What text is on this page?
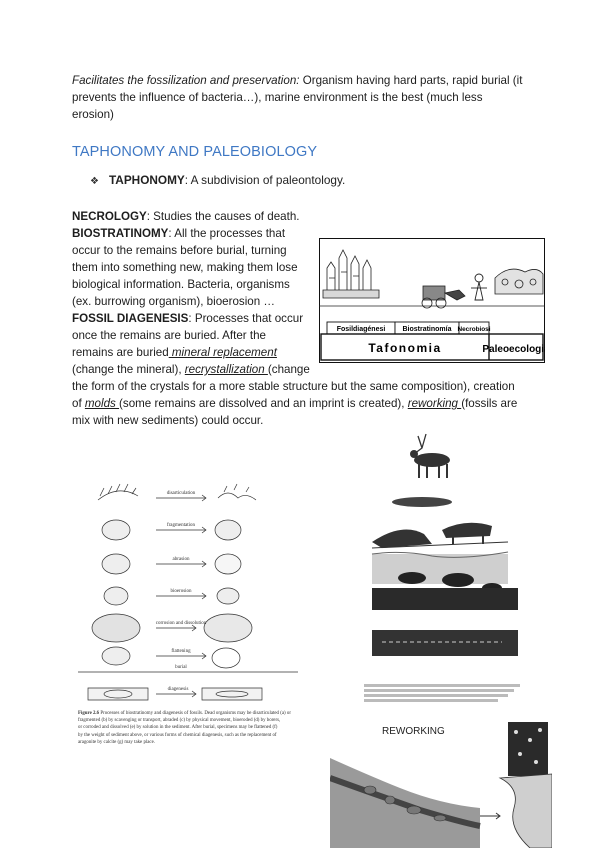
Facilitates the fossilization and preservation: Organism having hard parts, rapid burial (it
prevents the influence of bacteria…), marine environment is the best (much less
erosion)
TAPHONOMY AND PALEOBIOLOGY
❖ TAPHONOMY: A subdivision of paleontology.
NECROLOGY: Studies the causes of death.
BIOSTRATINOMY: All the processes that
occur to the remains before burial, turning
them into something new, making them lose
biological information. Bacteria, organisms
(ex. burrowing organism), bioerosion …
FOSSIL DIAGENESIS: Processes that occur
once the remains are buried. After the
remains are buried mineral replacement
(change the mineral), recrystallization (change
the form of the crystals for a more stable structure but the same composition), creation
of molds (some remains are dissolved and an imprint is created), reworking (fossils are
mix with new sediments) could occur.
Fosildiagénesi Biostratinomía Necrobiosi
Tafonomia	Paleoecologia
disarticulation
fragmentation
abrasion
bioerosion
corrosion and dissolution
burial
flattening
diagenesis
Figure 2.6 Processes of biostratinomy and diagenesis of fossils. Dead organisms may be disarticulated (a) or
fragmented (b) by scavenging or transport, abraded (c) by physical movement, bioeroded (d) by borers,
or corroded and dissolved (e) by solution in the sediment. After burial, specimens may be flattened (f)
by the weight of sediment above, or various forms of chemical diagenesis, such as the replacement of
aragonite by calcite (g) may take place.
REWORKING
